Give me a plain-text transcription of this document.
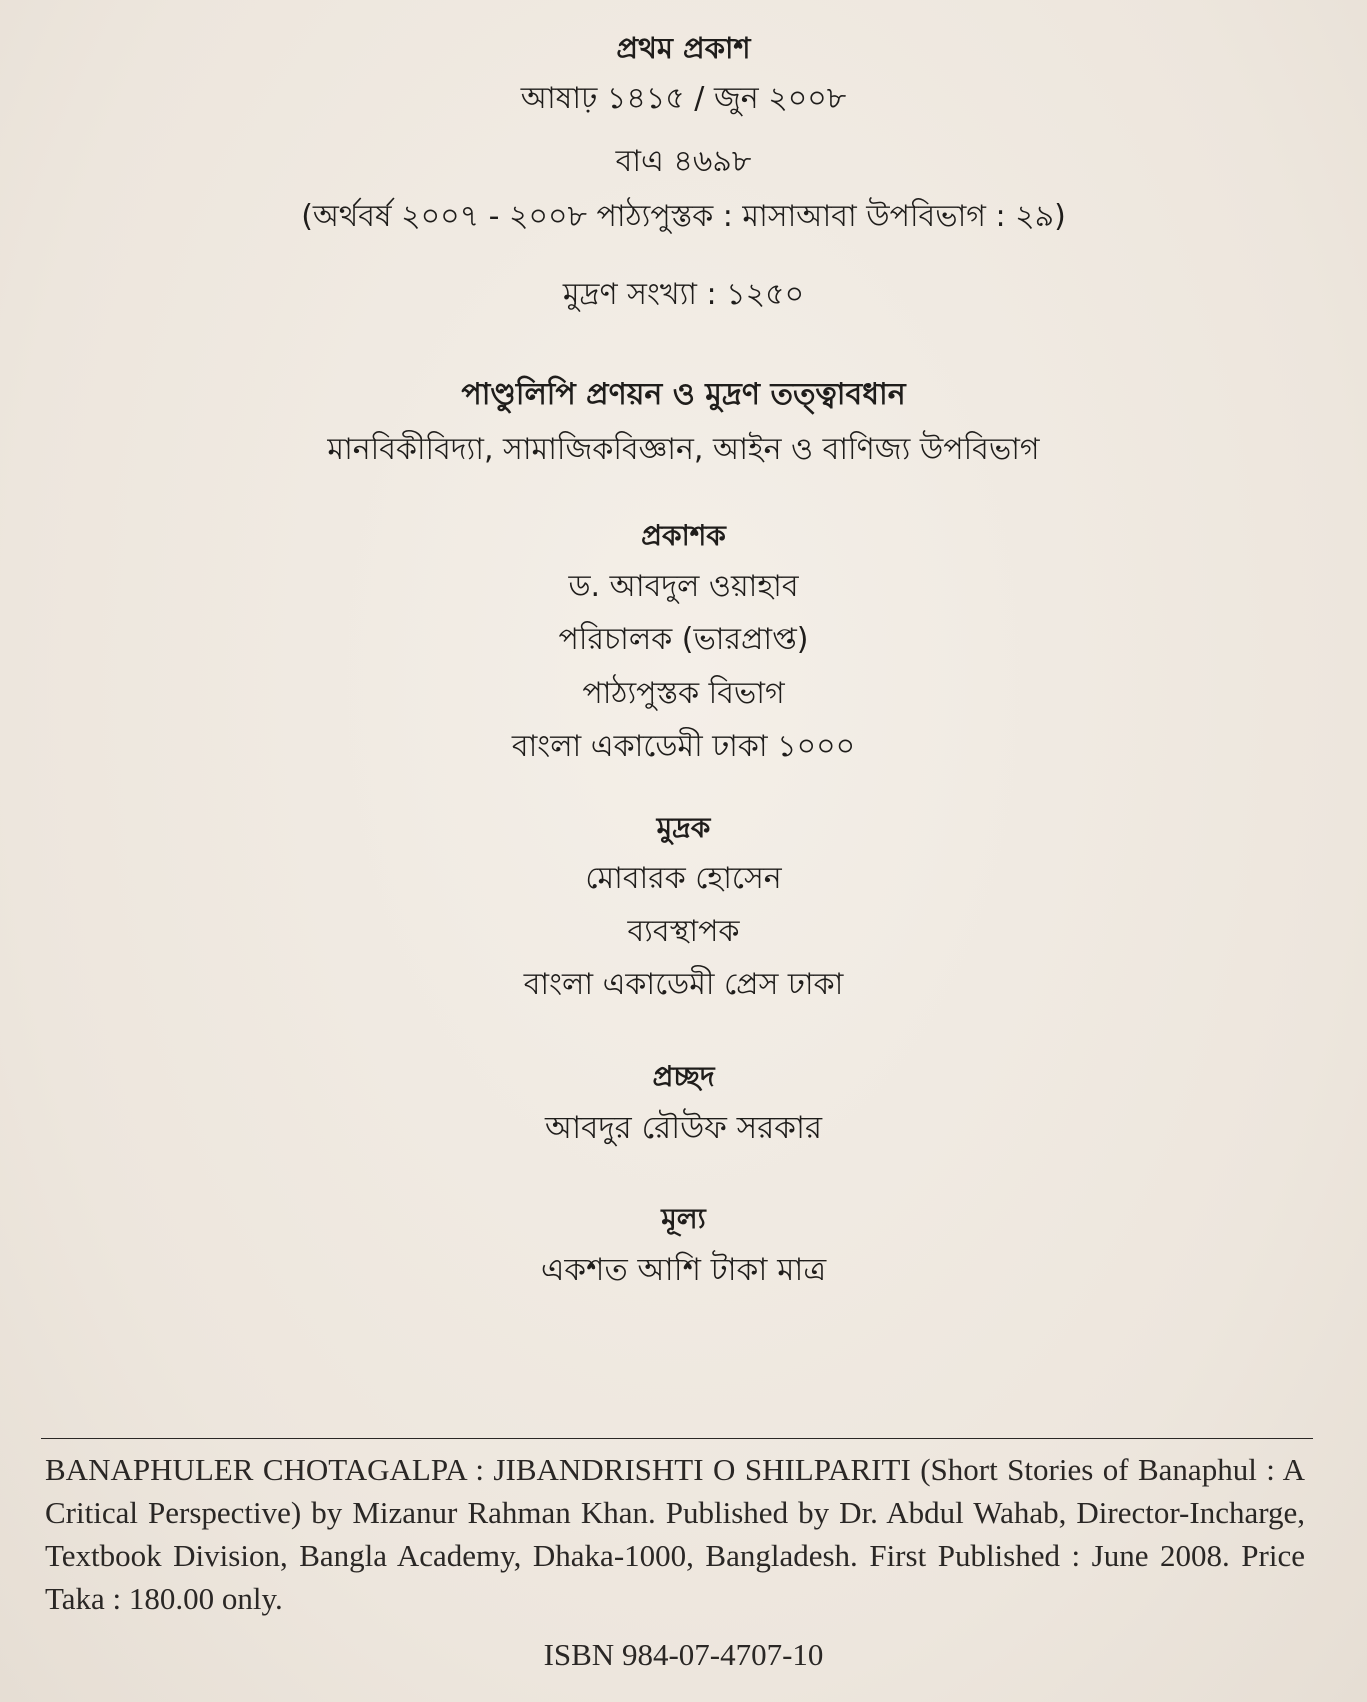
প্রথম প্রকাশ
আষাঢ় ১৪১৫ / জুন ২০০৮
বাএ ৪৬৯৮
(অর্থবর্ষ ২০০৭ - ২০০৮ পাঠ্যপুস্তক : মাসাআবা উপবিভাগ : ২৯)
মুদ্রণ সংখ্যা : ১২৫০
পাণ্ডুলিপি প্রণয়ন ও মুদ্রণ তত্ত্বাবধান
মানবিকীবিদ্যা, সামাজিকবিজ্ঞান, আইন ও বাণিজ্য উপবিভাগ
প্রকাশক
ড. আবদুল ওয়াহাব
পরিচালক (ভারপ্রাপ্ত)
পাঠ্যপুস্তক বিভাগ
বাংলা একাডেমী ঢাকা ১০০০
মুদ্রক
মোবারক হোসেন
ব্যবস্থাপক
বাংলা একাডেমী প্রেস ঢাকা
প্রচ্ছদ
আবদুর রৌউফ সরকার
মূল্য
একশত আশি টাকা মাত্র
BANAPHULER CHOTAGALPA : JIBANDRISHTI O SHILPARITI (Short Stories of Banaphul : A Critical Perspective) by Mizanur Rahman Khan. Published by Dr. Abdul Wahab, Director-Incharge, Textbook Division, Bangla Academy, Dhaka-1000, Bangladesh. First Published : June 2008. Price Taka : 180.00 only.
ISBN 984-07-4707-10
